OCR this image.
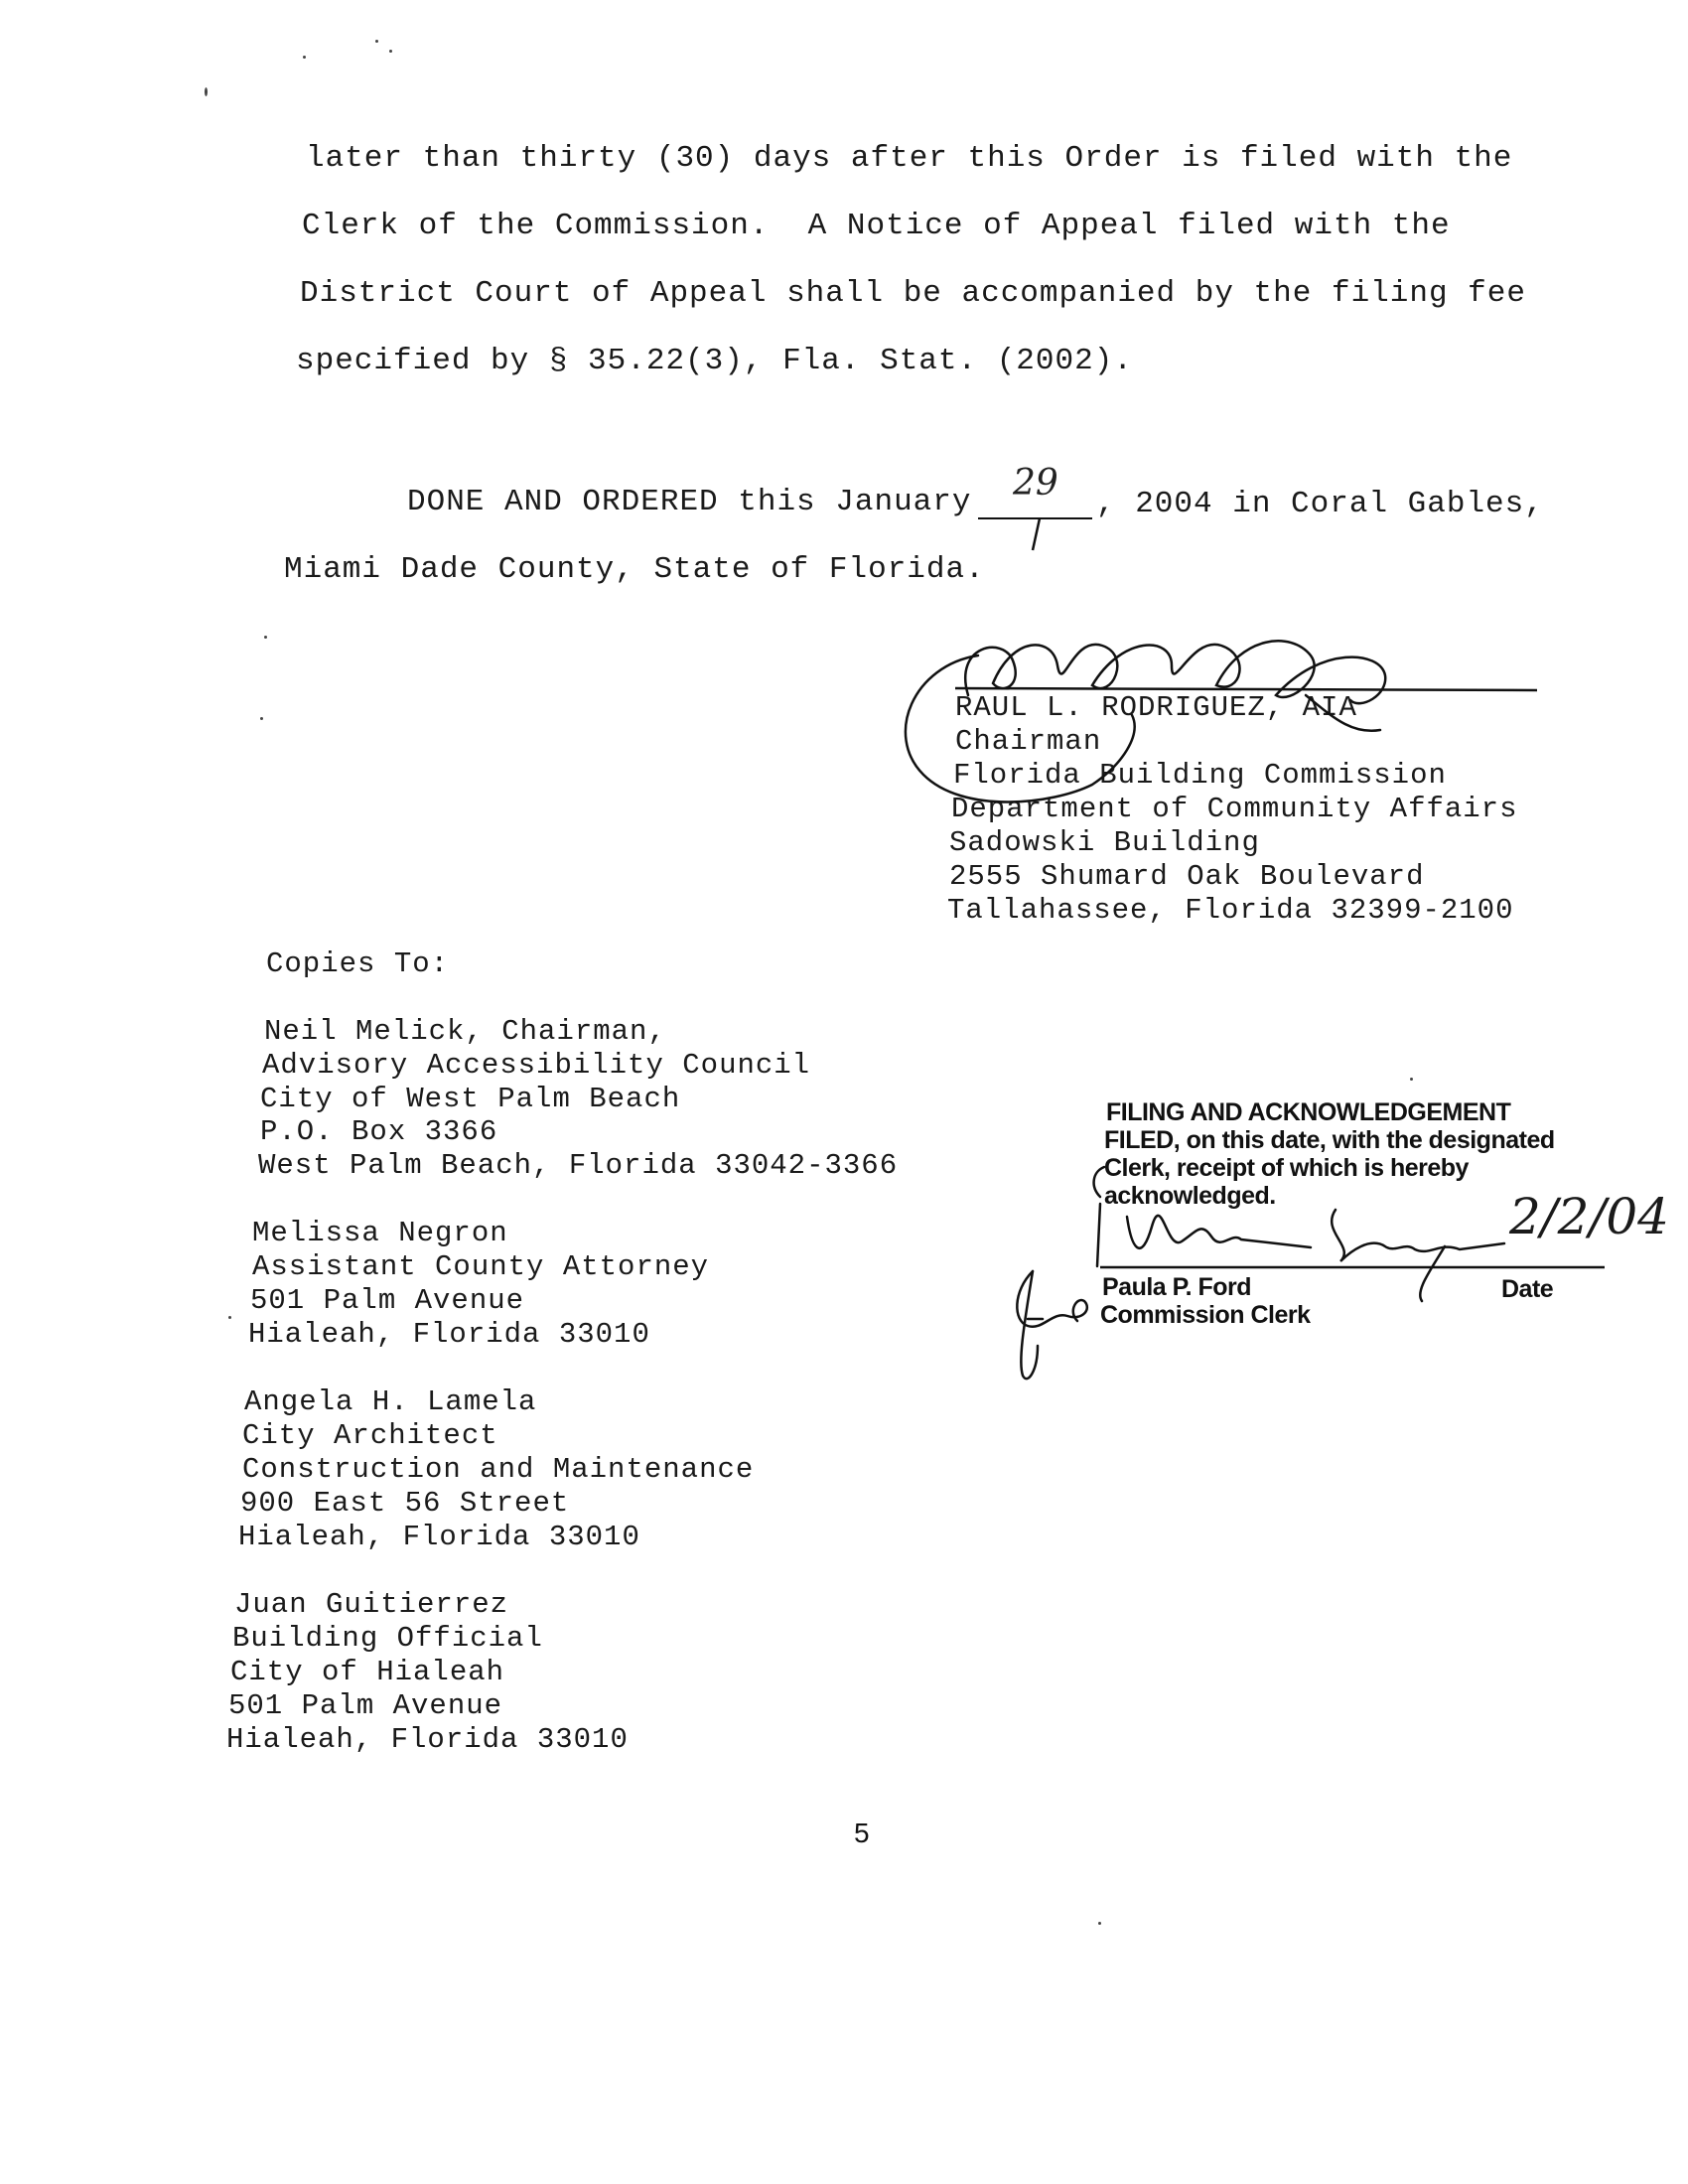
later than thirty (30) days after this Order is filed with the
Clerk of the Commission.  A Notice of Appeal filed with the
District Court of Appeal shall be accompanied by the filing fee
specified by § 35.22(3), Fla. Stat. (2002).
DONE AND ORDERED this January 29
, 2004 in Coral Gables,
Miami Dade County, State of Florida.
RAUL L. RODRIGUEZ, AIA
Chairman
Florida Building Commission
Department of Community Affairs
Sadowski Building
2555 Shumard Oak Boulevard
Tallahassee, Florida 32399-2100
Copies To:
Neil Melick, Chairman,
Advisory Accessibility Council
City of West Palm Beach
P.O. Box 3366
West Palm Beach, Florida 33042-3366
Melissa Negron
Assistant County Attorney
501 Palm Avenue
Hialeah, Florida 33010
Angela H. Lamela
City Architect
Construction and Maintenance
900 East 56 Street
Hialeah, Florida 33010
Juan Guitierrez
Building Official
City of Hialeah
501 Palm Avenue
Hialeah, Florida 33010
FILING AND ACKNOWLEDGEMENT
FILED, on this date, with the designated
Clerk, receipt of which is hereby
acknowledged.
Paula P. Ford
Commission Clerk
Date
2/2/04
5
